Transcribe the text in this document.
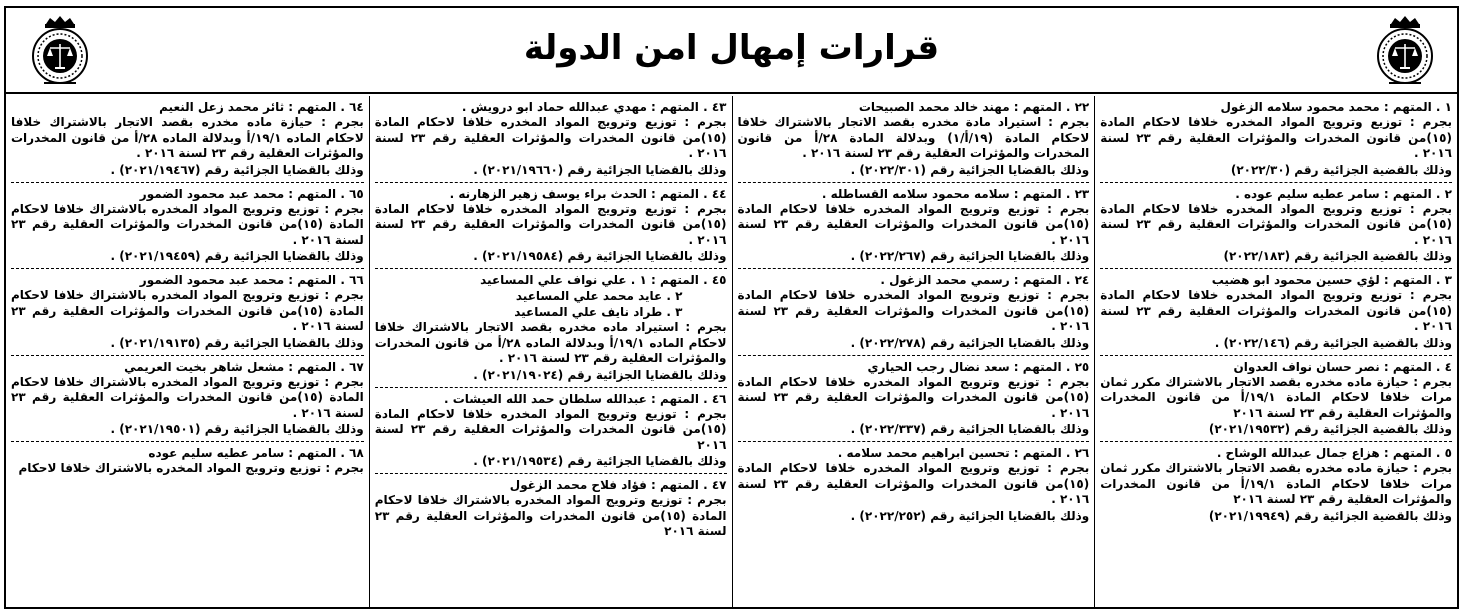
قرارات إمهال امن الدولة
١ . المتهم : محمد محمود سلامه الزغول
بجرم : توزيع وترويج المواد المخدره خلافا لاحكام المادة (١٥)من قانون المخدرات والمؤثرات العقلية رقم ٢٣ لسنة ٢٠١٦ .
وذلك بالقضية الجزائية رقم (٢٠٢٢/٣٠)
٢ . المتهم : سامر عطيه سليم عوده .
بجرم : توزيع وترويج المواد المخدره خلافا لاحكام المادة (١٥)من قانون المخدرات والمؤثرات العقلية رقم ٢٣ لسنة ٢٠١٦ .
وذلك بالقضية الجزائية رقم (٢٠٢٢/١٨٣)
٣ . المتهم : لؤي حسين محمود ابو هضيب
بجرم : توزيع وترويج المواد المخدره خلافا لاحكام المادة (١٥)من قانون المخدرات والمؤثرات العقلية رقم ٢٣ لسنة ٢٠١٦ .
وذلك بالقضية الجزائية رقم (٢٠٢٢/١٤٦) .
٤ . المتهم : نصر حسان نواف العدوان
بجرم : حيازة ماده مخدره بقصد الاتجار بالاشتراك مكرر ثمان مرات خلافا لاحكام المادة ١٩/١/أ من قانون المخدرات والمؤثرات العقلية رقم ٢٣ لسنة ٢٠١٦
وذلك بالقضية الجزائية رقم (٢٠٢١/١٩٥٣٢)
٥ . المتهم : هزاع جمال عبدالله الوشاح .
بجرم : حيازة ماده مخدره بقصد الاتجار بالاشتراك مكرر ثمان مرات خلافا لاحكام المادة ١٩/١/أ من قانون المخدرات والمؤثرات العقلية رقم ٢٣ لسنة ٢٠١٦
وذلك بالقضية الجزائية رقم (٢٠٢١/١٩٩٤٩)
٢٢ . المتهم : مهند خالد محمد الصبيحات
بجرم : استيراد مادة مخدره بقصد الاتجار بالاشتراك خلافا لاحكام المادة (١٩/أ/١) وبدلالة المادة ٢٨/أ من قانون المخدرات والمؤثرات العقلية رقم ٢٣ لسنة ٢٠١٦ .
وذلك بالقضايا الجزائية رقم (٢٠٢٢/٣٠١) .
٢٣ . المتهم : سلامه محمود سلامه القساطله .
بجرم : توزيع وترويج المواد المخدره خلافا لاحكام المادة (١٥)من قانون المخدرات والمؤثرات العقلية رقم ٢٣ لسنة ٢٠١٦ .
وذلك بالقضايا الجزائية رقم (٢٠٢٢/٢٦٧) .
٢٤ . المتهم : رسمي محمد الزغول .
بجرم : توزيع وترويج المواد المخدره خلافا لاحكام المادة (١٥)من قانون المخدرات والمؤثرات العقلية رقم ٢٣ لسنة ٢٠١٦ .
وذلك بالقضايا الجزائية رقم (٢٠٢٢/٢٧٨) .
٢٥ . المتهم : سعد نضال رجب الحياري
بجرم : توزيع وترويج المواد المخدره خلافا لاحكام المادة (١٥)من قانون المخدرات والمؤثرات العقلية رقم ٢٣ لسنة ٢٠١٦ .
وذلك بالقضايا الجزائية رقم (٢٠٢٢/٣٣٧) .
٢٦ . المتهم : تحسين ابراهيم محمد سلامه .
بجرم : توزيع وترويج المواد المخدره خلافا لاحكام المادة (١٥)من قانون المخدرات والمؤثرات العقلية رقم ٢٣ لسنة ٢٠١٦ .
وذلك بالقضايا الجزائية رقم (٢٠٢٢/٢٥٢) .
٤٣ . المتهم : مهدي عبدالله حماد ابو درويش .
بجرم : توزيع وترويج المواد المخدره خلافا لاحكام المادة (١٥)من قانون المخدرات والمؤثرات العقلية رقم ٢٣ لسنة ٢٠١٦ .
وذلك بالقضايا الجزائية رقم (٢٠٢١/١٩٦٦٠) .
٤٤ . المتهم : الحدث براء يوسف زهير الزهارنه .
بجرم : توزيع وترويج المواد المخدره خلافا لاحكام المادة (١٥)من قانون المخدرات والمؤثرات العقلية رقم ٢٣ لسنة ٢٠١٦ .
وذلك بالقضايا الجزائية رقم (٢٠٢١/١٩٥٨٤) .
٤٥ . المتهم : ١ . علي نواف علي المساعيد
٢ . عايد محمد علي المساعيد
٣ . طراد نايف علي المساعيد
بجرم : استيراد ماده مخدره بقصد الاتجار بالاشتراك خلافا لاحكام الماده ١٩/١/أ وبدلالة الماده ٢٨/أ من قانون المخدرات والمؤثرات العقلية رقم ٢٣ لسنة ٢٠١٦ .
وذلك بالقضايا الجزائية رقم (٢٠٢١/١٩٠٢٤) .
٤٦ . المتهم : عبدالله سلطان حمد الله العيشات .
بجرم : توزيع وترويج المواد المخدره خلافا لاحكام المادة (١٥)من قانون المخدرات والمؤثرات العقلية رقم ٢٣ لسنة ٢٠١٦
وذلك بالقضايا الجزائية رقم (٢٠٢١/١٩٥٣٤) .
٤٧ . المتهم : فؤاد فلاح محمد الزغول
بجرم : توزيع وترويج المواد المخدره بالاشتراك خلافا لاحكام المادة (١٥)من قانون المخدرات والمؤثرات العقلية رقم ٢٣ لسنة ٢٠١٦
٦٤ . المتهم : ثائر محمد زعل النعيم
بجرم : حيازة ماده مخدره بقصد الاتجار بالاشتراك خلافا لاحكام الماده ١٩/١/أ وبدلالة الماده ٢٨/أ من قانون المخدرات والمؤثرات العقلية رقم ٢٣ لسنة ٢٠١٦ .
وذلك بالقضايا الجزائية رقم (٢٠٢١/١٩٤٦٧) .
٦٥ . المتهم : محمد عبد محمود الضمور
بجرم : توزيع وترويج المواد المخدره بالاشتراك خلافا لاحكام المادة (١٥)من قانون المخدرات والمؤثرات العقلية رقم ٢٣ لسنة ٢٠١٦ .
وذلك بالقضايا الجزائية رقم (٢٠٢١/١٩٤٥٩) .
٦٦ . المتهم : محمد عبد محمود الضمور
بجرم : توزيع وترويج المواد المخدره بالاشتراك خلافا لاحكام المادة (١٥)من قانون المخدرات والمؤثرات العقلية رقم ٢٣ لسنة ٢٠١٦ .
وذلك بالقضايا الجزائية رقم (٢٠٢١/١٩١٣٥) .
٦٧ . المتهم : مشعل شاهر بخيت العريمي
بجرم : توزيع وترويج المواد المخدره بالاشتراك خلافا لاحكام المادة (١٥)من قانون المخدرات والمؤثرات العقلية رقم ٢٣ لسنة ٢٠١٦ .
وذلك بالقضايا الجزائية رقم (٢٠٢١/١٩٥٠١) .
٦٨ . المتهم : سامر عطيه سليم عوده
بجرم : توزيع وترويج المواد المخدره بالاشتراك خلافا لاحكام
